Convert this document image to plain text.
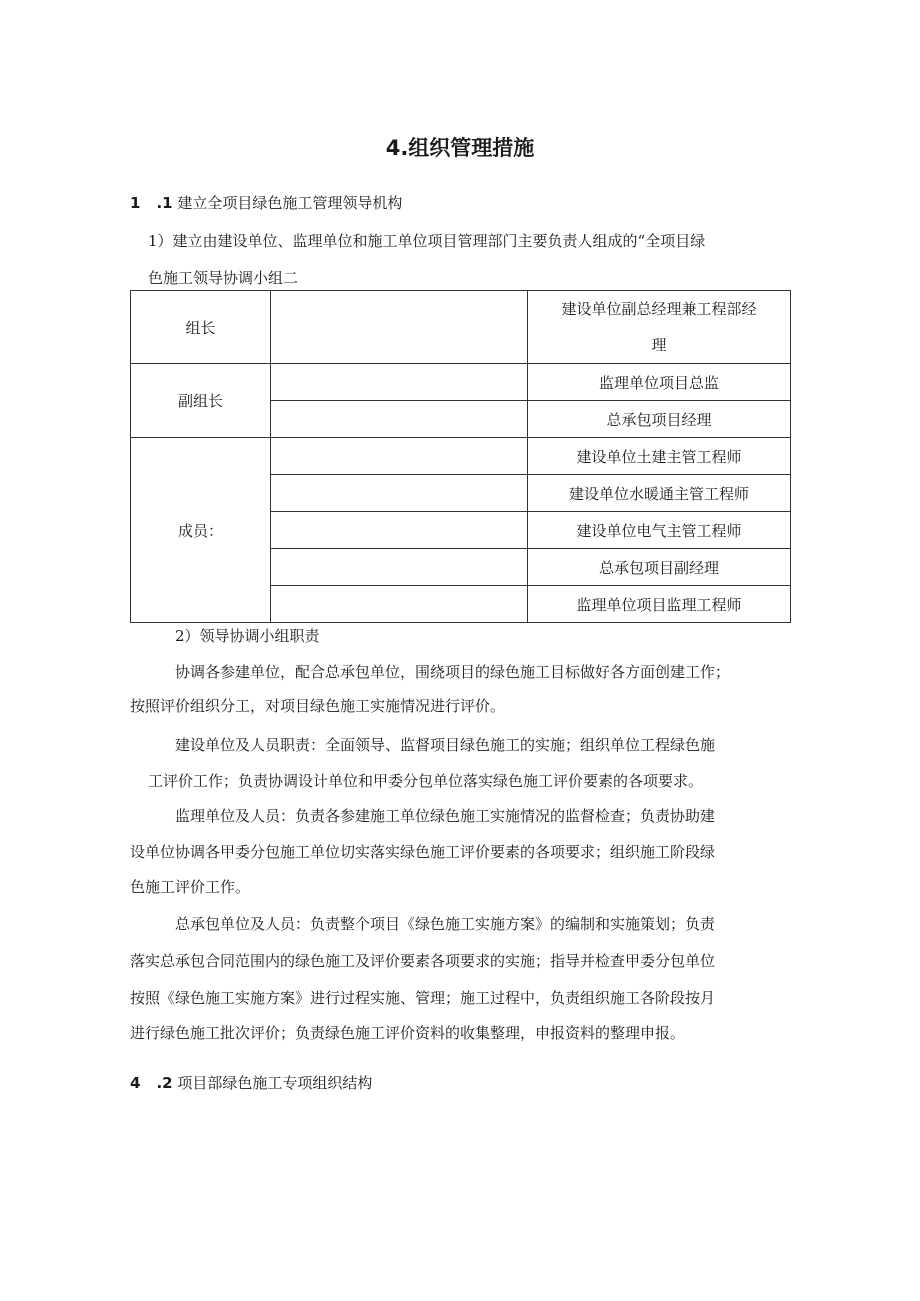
4.组织管理措施
1 .1 建立全项目绿色施工管理领导机构
1）建立由建设单位、监理单位和施工单位项目管理部门主要负责人组成的“全项目绿
色施工领导协调小组二
组长		建设单位副总经理兼工程部经
理

副组长		监理单位项目总监
		总承包项目经理
成员：		建设单位土建主管工程师
		建设单位水暖通主管工程师
		建设单位电气主管工程师
		总承包项目副经理
		监理单位项目监理工程师
2）领导协调小组职责
协调各参建单位，配合总承包单位，围绕项目的绿色施工目标做好各方面创建工作；
按照评价组织分工，对项目绿色施工实施情况进行评价。
建设单位及人员职责：全面领导、监督项目绿色施工的实施；组织单位工程绿色施
工评价工作；负责协调设计单位和甲委分包单位落实绿色施工评价要素的各项要求。
监理单位及人员：负责各参建施工单位绿色施工实施情况的监督检查；负责协助建
设单位协调各甲委分包施工单位切实落实绿色施工评价要素的各项要求；组织施工阶段绿
色施工评价工作。
总承包单位及人员：负责整个项目《绿色施工实施方案》的编制和实施策划；负责
落实总承包合同范围内的绿色施工及评价要素各项要求的实施；指导并检查甲委分包单位
按照《绿色施工实施方案》进行过程实施、管理；施工过程中，负责组织施工各阶段按月
进行绿色施工批次评价；负责绿色施工评价资料的收集整理，申报资料的整理申报。
4 .2 项目部绿色施工专项组织结构
